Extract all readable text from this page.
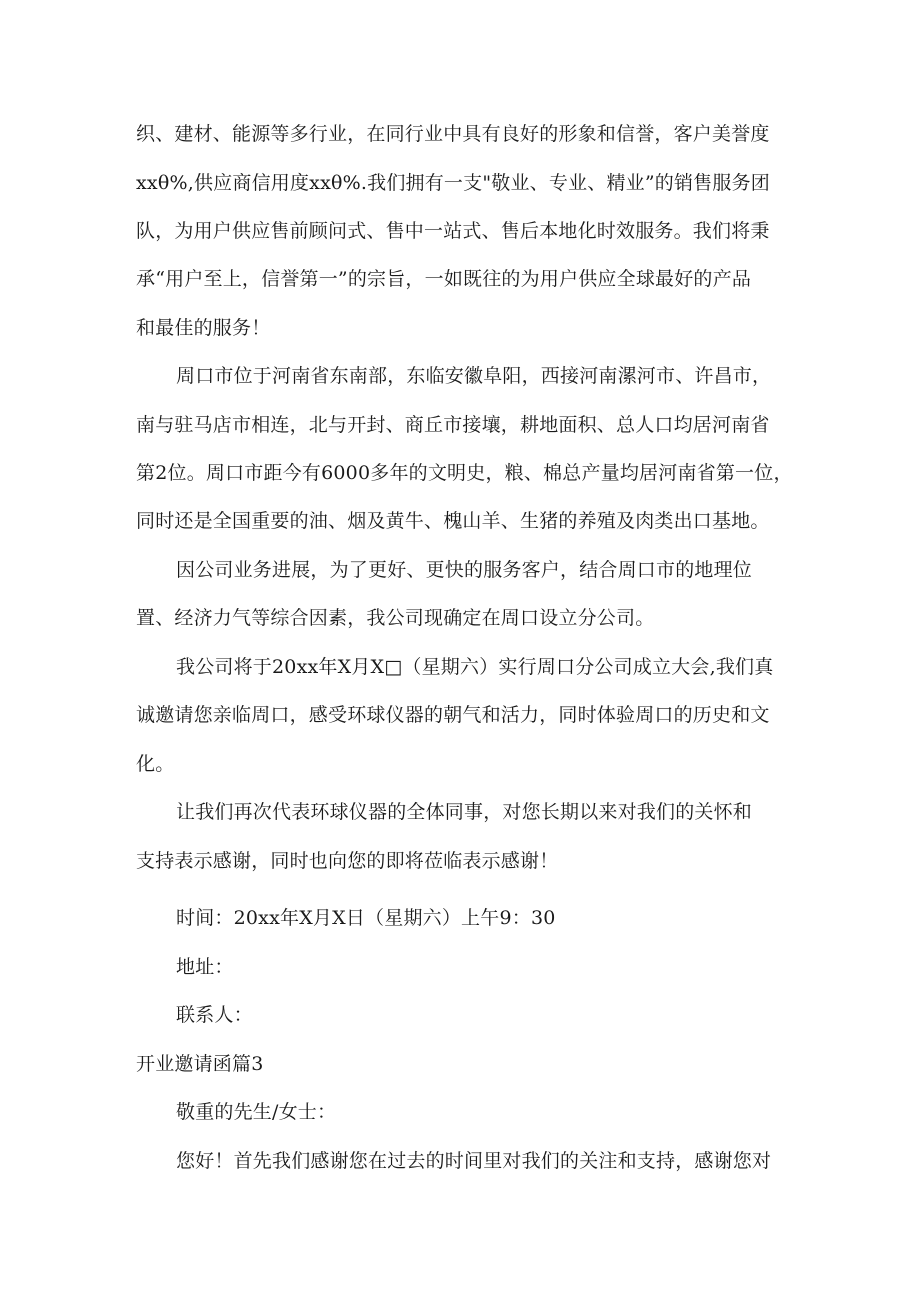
织、建材、能源等多行业，在同行业中具有良好的形象和信誉，客户美誉度
xxθ%,供应商信用度xxθ%.我们拥有一支"敬业、专业、精业”的销售服务团
队，为用户供应售前顾问式、售中一站式、售后本地化时效服务。我们将秉
承“用户至上，信誉第一”的宗旨，一如既往的为用户供应全球最好的产品
和最佳的服务！
周口市位于河南省东南部，东临安徽阜阳，西接河南漯河市、许昌市，
南与驻马店市相连，北与开封、商丘市接壤，耕地面积、总人口均居河南省
第2位。周口市距今有6000多年的文明史，粮、棉总产量均居河南省第一位，
同时还是全国重要的油、烟及黄牛、槐山羊、生猪的养殖及肉类出口基地。
因公司业务进展，为了更好、更快的服务客户，结合周口市的地理位
置、经济力气等综合因素，我公司现确定在周口设立分公司。
我公司将于20xx年X月X□（星期六）实行周口分公司成立大会,我们真
诚邀请您亲临周口，感受环球仪器的朝气和活力，同时体验周口的历史和文
化。
让我们再次代表环球仪器的全体同事，对您长期以来对我们的关怀和
支持表示感谢，同时也向您的即将莅临表示感谢！
时间：20xx年X月X日（星期六）上午9：30
地址：
联系人：
开业邀请函篇3
敬重的先生/女士：
您好！首先我们感谢您在过去的时间里对我们的关注和支持，感谢您对
